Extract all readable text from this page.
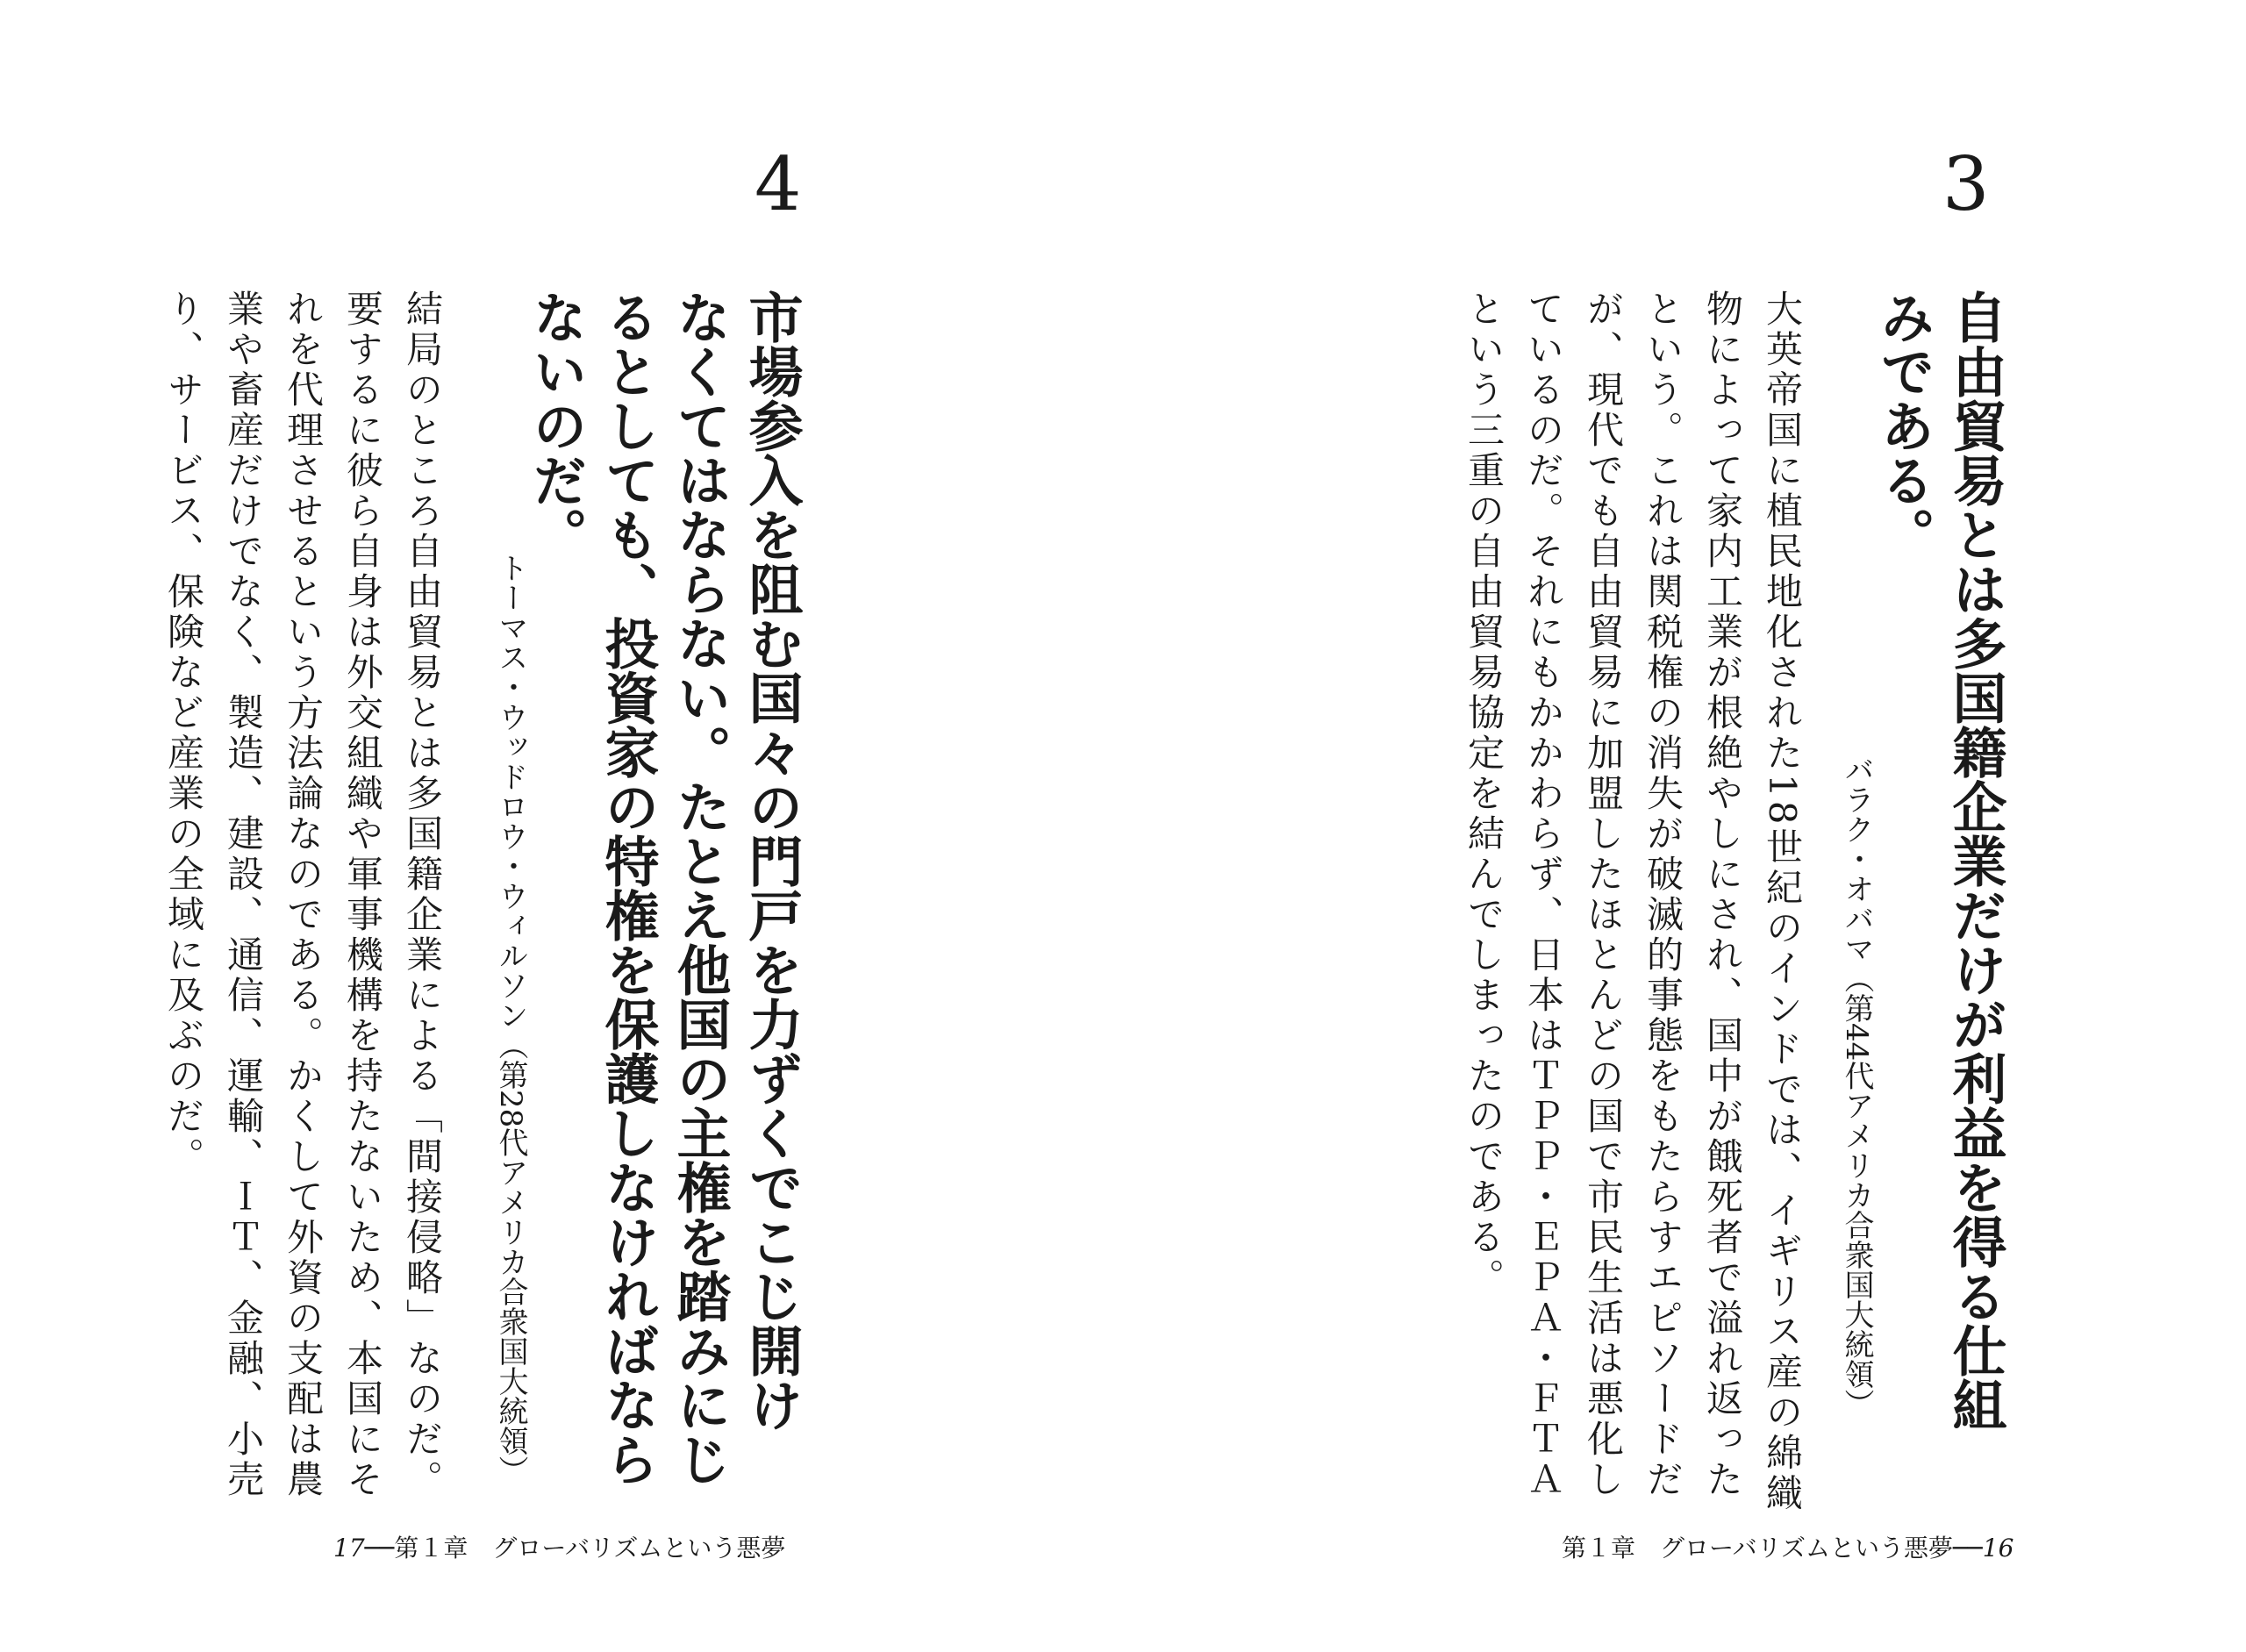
4
市場参入を阻む国々の門戸を力ずくでこじ開け
なくてはならない。たとえ他国の主権を踏みにじ
るとしても、投資家の特権を保護しなければなら
ないのだ。
トーマス・ウッドロウ・ウィルソン（第28代アメリカ合衆国大統領）
結局のところ自由貿易とは多国籍企業による「間接侵略」なのだ。
要するに彼ら自身は外交組織や軍事機構を持たないため、本国にそ
れを代理させるという方法論なのである。かくして外資の支配は農
業や畜産だけでなく、製造、建設、通信、運輸、ＩＴ、金融、小売
り、サービス、保険など産業の全域に及ぶのだ。
17──第１章　グローバリズムという悪夢
3
自由貿易とは多国籍企業だけが利益を得る仕組
みである。
バラク・オバマ（第44代アメリカ合衆国大統領）
大英帝国に植民地化された18世紀のインドでは、イギリス産の綿織
物によって家内工業が根絶やしにされ、国中が餓死者で溢れ返った
という。これは関税権の消失が破滅的事態をもたらすエピソードだ
が、現代でも自由貿易に加盟したほとんどの国で市民生活は悪化し
ているのだ。それにもかかわらず、日本はＴＰＰ・ＥＰＡ・ＦＴＡ
という三重の自由貿易協定を結んでしまったのである。
第１章　グローバリズムという悪夢──16
